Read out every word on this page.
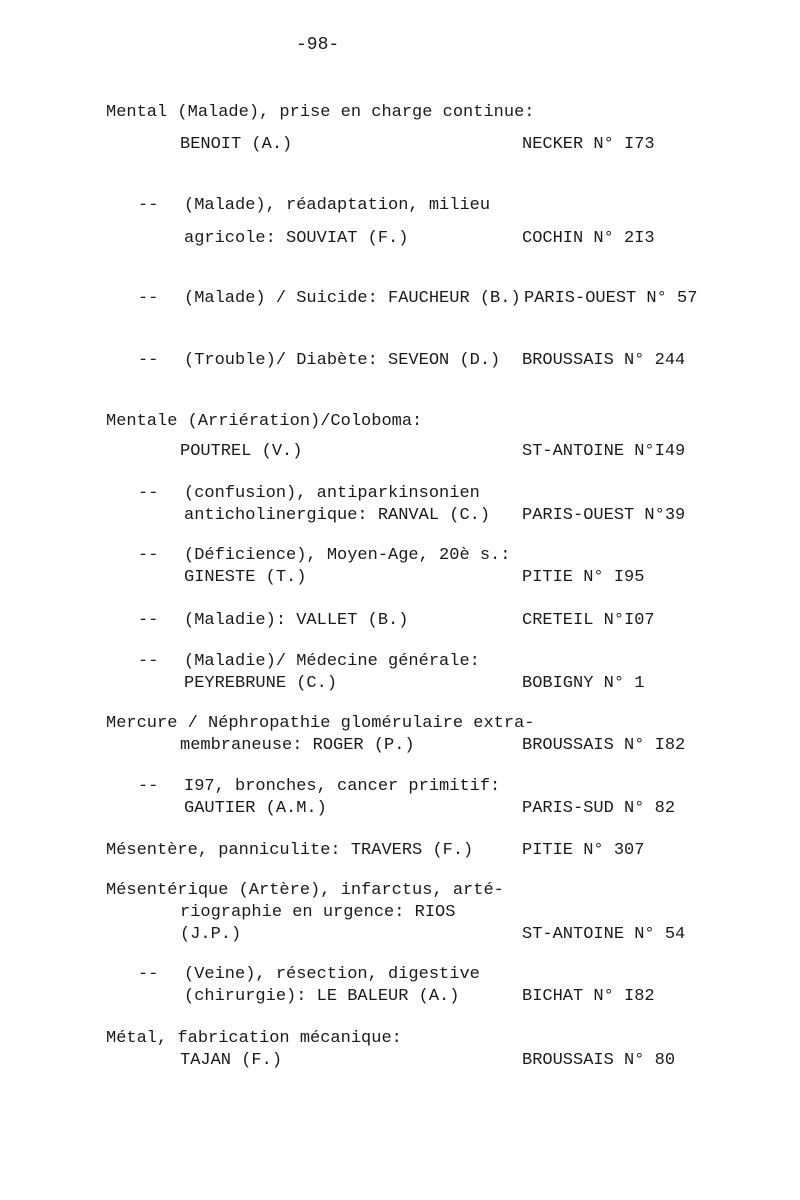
-98-
Mental (Malade), prise en charge continue:
BENOIT (A.)	NECKER N° I73
-- (Malade), réadaptation, milieu
agricole: SOUVIAT (F.)	COCHIN N° 2I3
-- (Malade) / Suicide: FAUCHEUR (B.) PARIS-OUEST N° 57
-- (Trouble)/ Diabète: SEVEON (D.) BROUSSAIS N° 244
Mentale (Arriération)/Coloboma:
POUTREL (V.)	ST-ANTOINE N°I49
-- (confusion), antiparkinsonien
anticholinergique: RANVAL (C.) PARIS-OUEST N°39
-- (Déficience), Moyen-Age, 20è s.:
GINESTE (T.)	PITIE N° I95
-- (Maladie): VALLET (B.)	CRETEIL N°I07
-- (Maladie)/ Médecine générale:
PEYREBRUNE (C.)	BOBIGNY N° 1
Mercure / Néphropathie glomérulaire extra-
membraneuse: ROGER (P.)	BROUSSAIS N° I82
-- I97, bronches, cancer primitif:
GAUTIER (A.M.)	PARIS-SUD N° 82
Mésentère, panniculite: TRAVERS (F.)	PITIE N° 307
Mésentérique (Artère), infarctus, arté-
riographie en urgence: RIOS
(J.P.)	ST-ANTOINE N° 54
-- (Veine), résection, digestive
(chirurgie): LE BALEUR (A.)	BICHAT N° I82
Métal, fabrication mécanique:
TAJAN (F.)	BROUSSAIS N° 80
